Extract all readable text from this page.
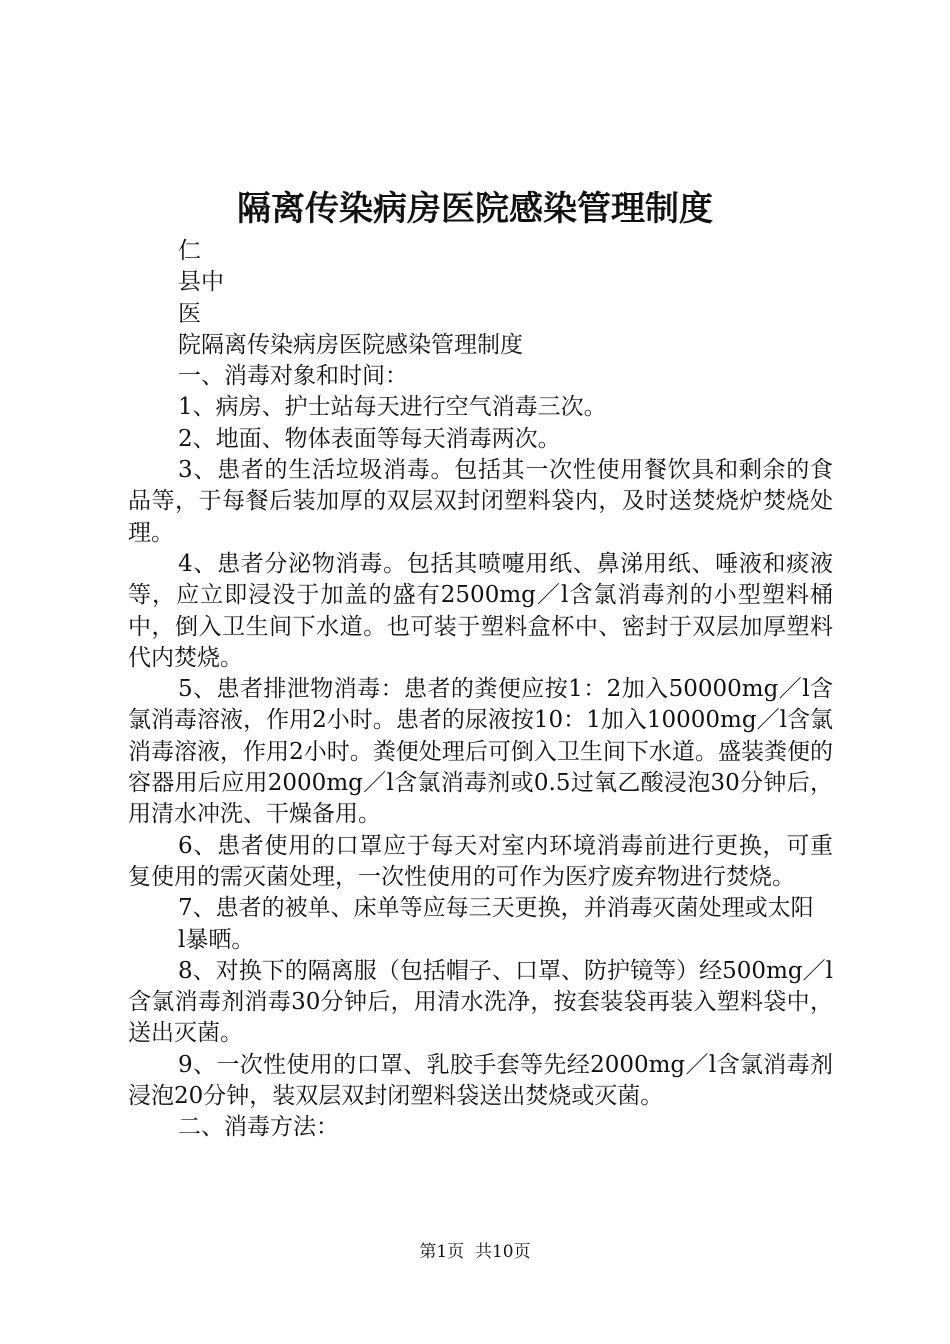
隔离传染病房医院感染管理制度

仁

县中

医

院隔离传染病房医院感染管理制度

一、消毒对象和时间：

1、病房、护士站每天进行空气消毒三次。

2、地面、物体表面等每天消毒两次。

3、患者的生活垃圾消毒。包括其一次性使用餐饮具和剩余的食品等，于每餐后装加厚的双层双封闭塑料袋内，及时送焚烧炉焚烧处理。

4、患者分泌物消毒。包括其喷嚏用纸、鼻涕用纸、唾液和痰液等，应立即浸没于加盖的盛有2500mg／l含氯消毒剂的小型塑料桶中，倒入卫生间下水道。也可装于塑料盒杯中、密封于双层加厚塑料代内焚烧。

5、患者排泄物消毒：患者的粪便应按1：2加入50000mg／l含氯消毒溶液，作用2小时。患者的尿液按10：1加入10000mg／l含氯消毒溶液，作用2小时。粪便处理后可倒入卫生间下水道。盛装粪便的容器用后应用2000mg／l含氯消毒剂或0.5过氧乙酸浸泡30分钟后，用清水冲洗、干燥备用。

6、患者使用的口罩应于每天对室内环境消毒前进行更换，可重复使用的需灭菌处理，一次性使用的可作为医疗废弃物进行焚烧。

7、患者的被单、床单等应每三天更换，并消毒灭菌处理或太阳

l暴晒。

8、对换下的隔离服（包括帽子、口罩、防护镜等）经500mg／l含氯消毒剂消毒30分钟后，用清水洗净，按套装袋再装入塑料袋中，送出灭菌。

9、一次性使用的口罩、乳胶手套等先经2000mg／l含氯消毒剂浸泡20分钟，装双层双封闭塑料袋送出焚烧或灭菌。

二、消毒方法：

第1页  共10页
